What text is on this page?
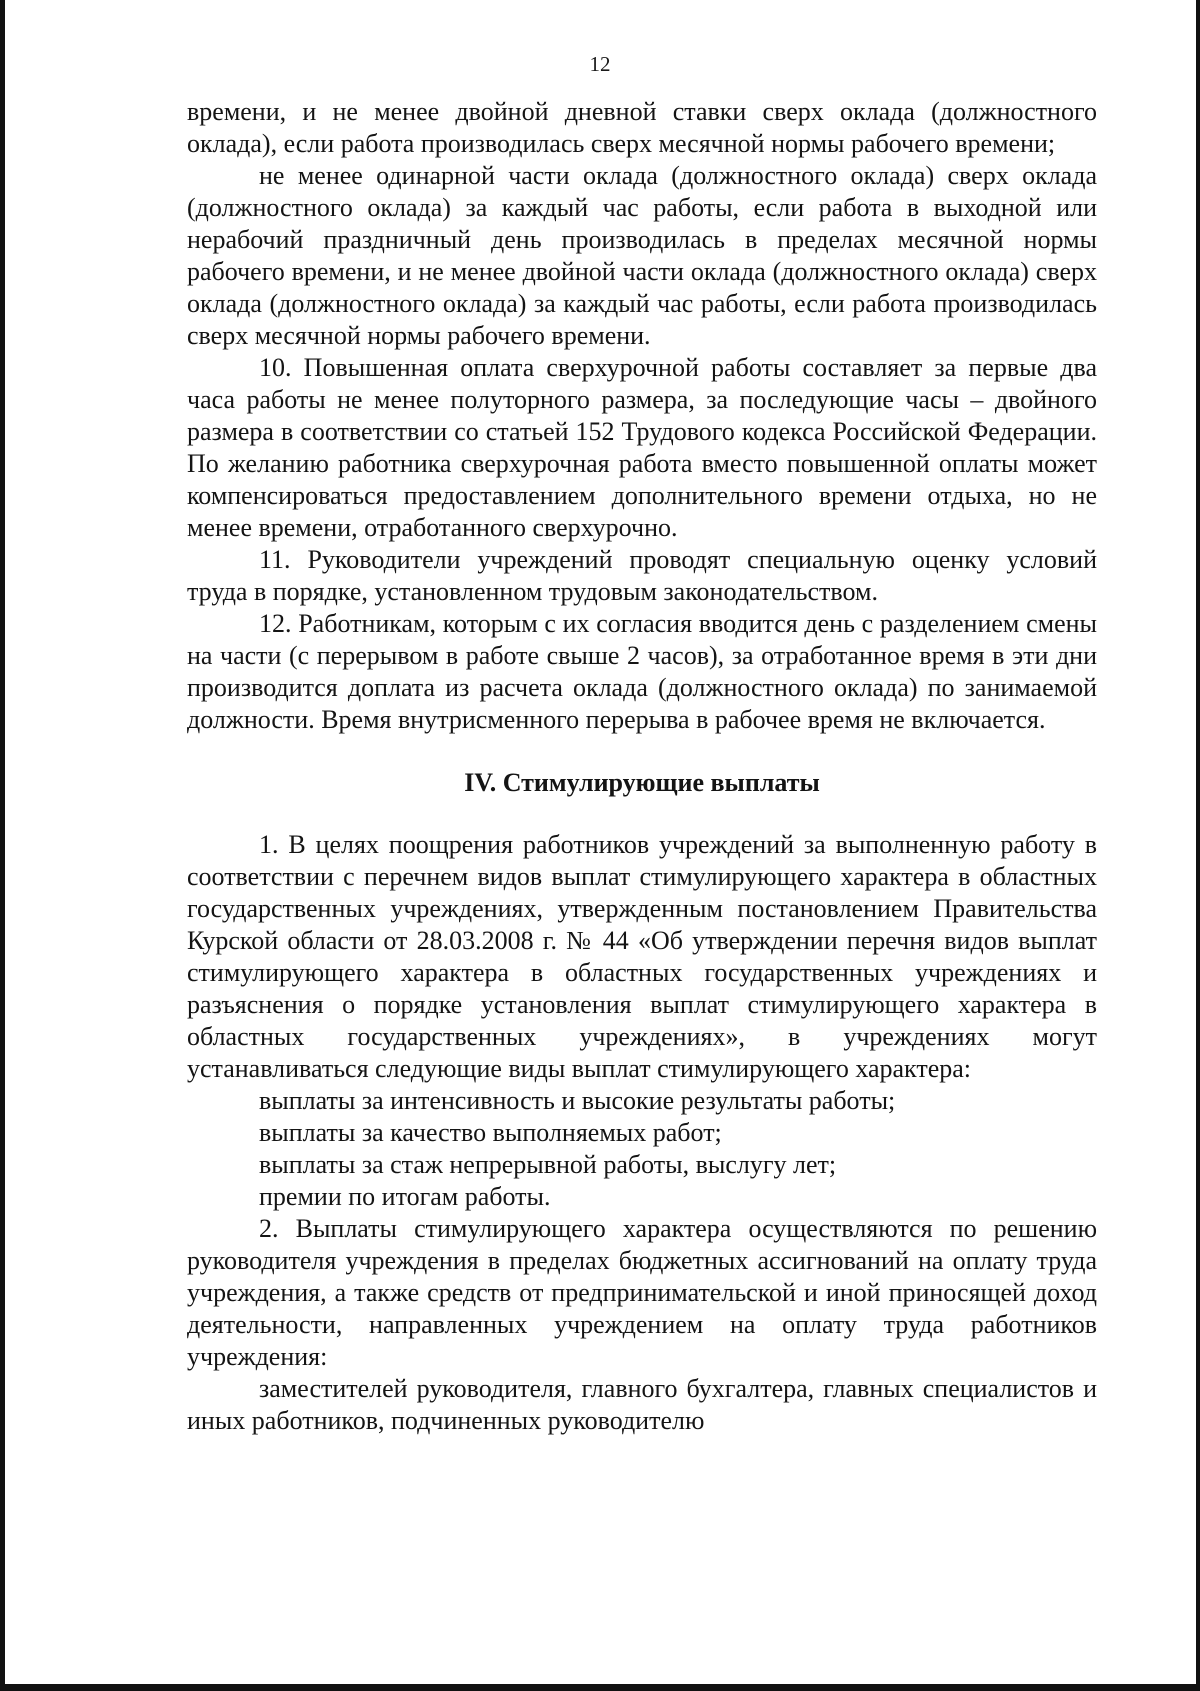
12

времени, и не менее двойной дневной ставки сверх оклада (должностного оклада), если работа производилась сверх месячной нормы рабочего времени;

не менее одинарной части оклада (должностного оклада) сверх оклада (должностного оклада) за каждый час работы, если работа в выходной или нерабочий праздничный день производилась в пределах месячной нормы рабочего времени, и не менее двойной части оклада (должностного оклада) сверх оклада (должностного оклада) за каждый час работы, если работа производилась сверх месячной нормы рабочего времени.

10. Повышенная оплата сверхурочной работы составляет за первые два часа работы не менее полуторного размера, за последующие часы – двойного размера в соответствии со статьей 152 Трудового кодекса Российской Федерации. По желанию работника сверхурочная работа вместо повышенной оплаты может компенсироваться предоставлением дополнительного времени отдыха, но не менее времени, отработанного сверхурочно.

11. Руководители учреждений проводят специальную оценку условий труда в порядке, установленном трудовым законодательством.

12. Работникам, которым с их согласия вводится день с разделением смены на части (с перерывом в работе свыше 2 часов), за отработанное время в эти дни производится доплата из расчета оклада (должностного оклада) по занимаемой должности. Время внутрисменного перерыва в рабочее время не включается.

IV. Стимулирующие выплаты

1. В целях поощрения работников учреждений за выполненную работу в соответствии с перечнем видов выплат стимулирующего характера в областных государственных учреждениях, утвержденным постановлением Правительства Курской области от 28.03.2008 г. № 44 «Об утверждении перечня видов выплат стимулирующего характера в областных государственных учреждениях и разъяснения о порядке установления выплат стимулирующего характера в областных государственных учреждениях», в учреждениях могут устанавливаться следующие виды выплат стимулирующего характера:

выплаты за интенсивность и высокие результаты работы;

выплаты за качество выполняемых работ;

выплаты за стаж непрерывной работы, выслугу лет;

премии по итогам работы.

2. Выплаты стимулирующего характера осуществляются по решению руководителя учреждения в пределах бюджетных ассигнований на оплату труда учреждения, а также средств от предпринимательской и иной приносящей доход деятельности, направленных учреждением на оплату труда работников учреждения:

заместителей руководителя, главного бухгалтера, главных специалистов и иных работников, подчиненных руководителю
